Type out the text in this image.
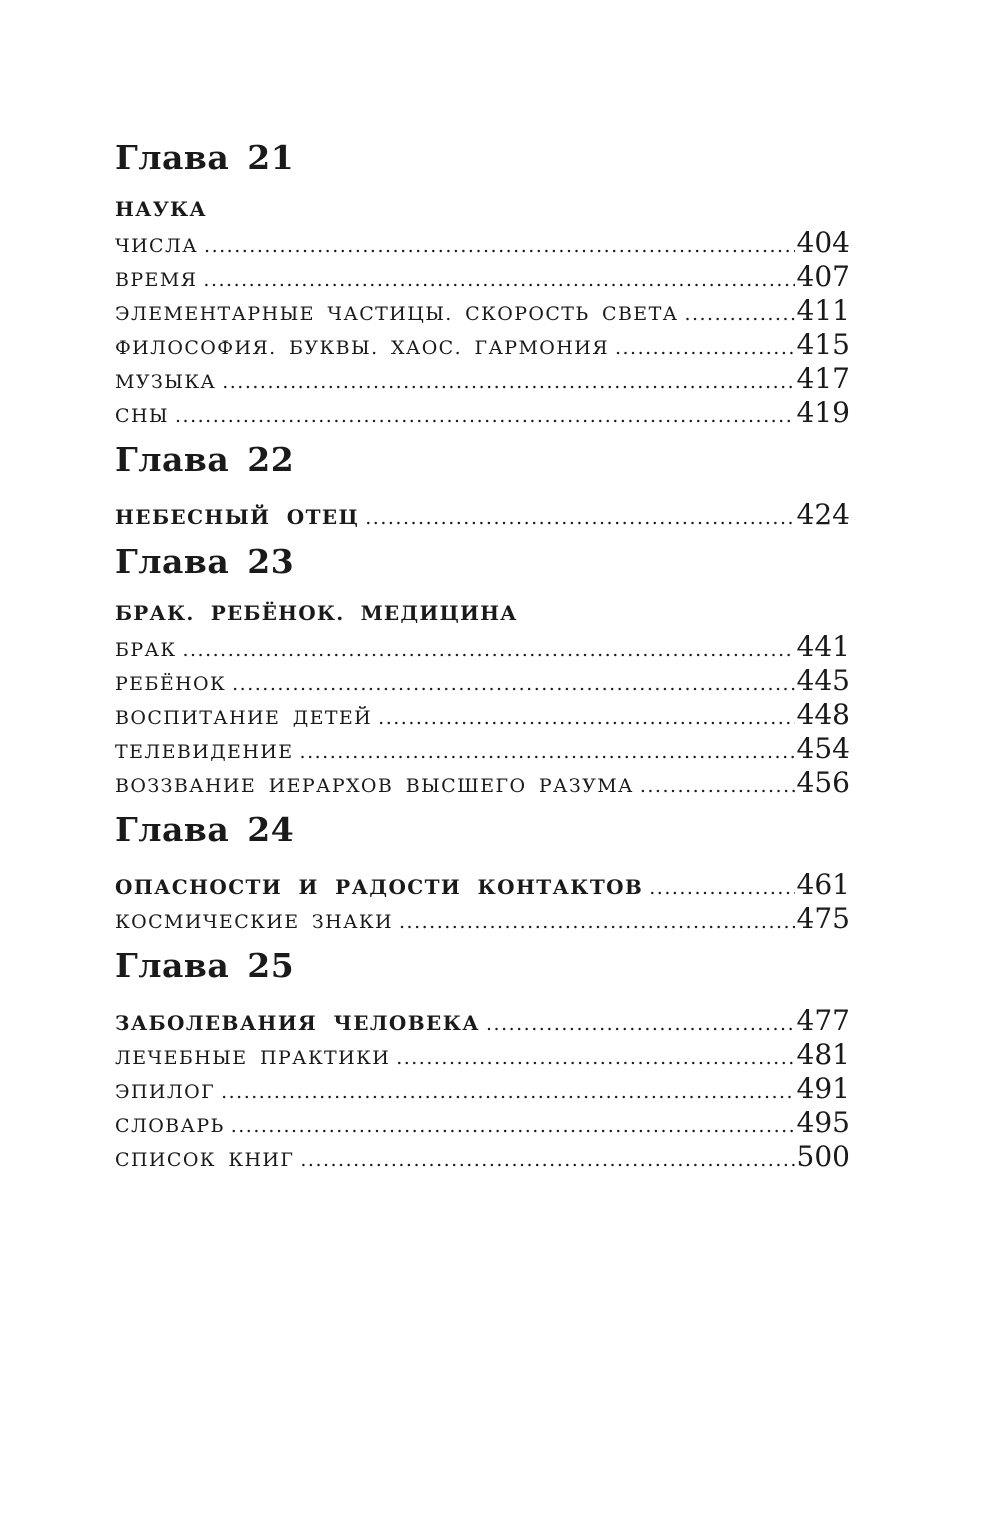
Глава 21
НАУКА
ЧИСЛА .....	404
ВРЕМЯ .....	407
ЭЛЕМЕНТАРНЫЕ ЧАСТИЦЫ. СКОРОСТЬ СВЕТА .....	411
ФИЛОСОФИЯ. БУКВЫ. ХАОС. ГАРМОНИЯ .....	415
МУЗЫКА .....	417
СНЫ .....	419
Глава 22
НЕБЕСНЫЙ ОТЕЦ .....	424
Глава 23
БРАК. РЕБЁНОК. МЕДИЦИНА
БРАК .....	441
РЕБЁНОК .....	445
ВОСПИТАНИЕ ДЕТЕЙ .....	448
ТЕЛЕВИДЕНИЕ .....	454
ВОЗЗВАНИЕ ИЕРАРХОВ ВЫСШЕГО РАЗУМА .....	456
Глава 24
ОПАСНОСТИ И РАДОСТИ КОНТАКТОВ .....	461
КОСМИЧЕСКИЕ ЗНАКИ .....	475
Глава 25
ЗАБОЛЕВАНИЯ ЧЕЛОВЕКА .....	477
ЛЕЧЕБНЫЕ ПРАКТИКИ .....	481
ЭПИЛОГ .....	491
СЛОВАРЬ .....	495
СПИСОК КНИГ .....	500
